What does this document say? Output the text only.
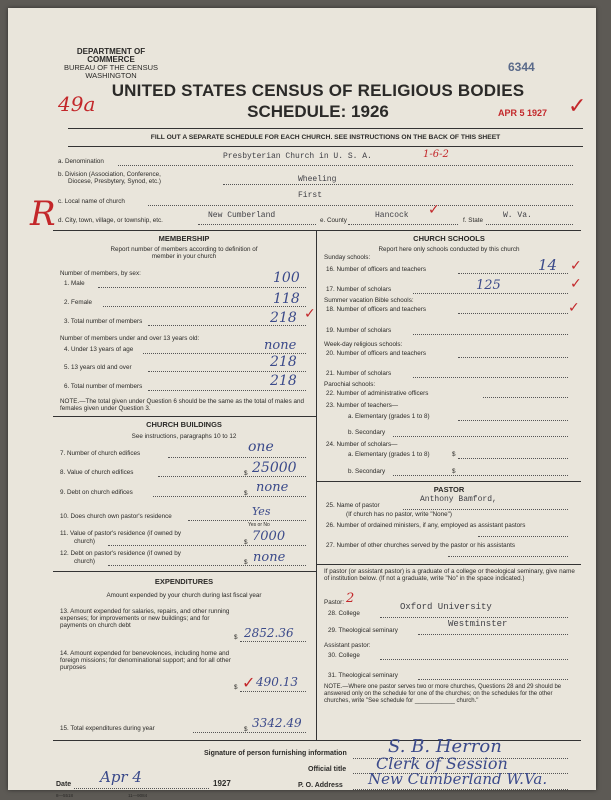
DEPARTMENT OF COMMERCE
BUREAU OF THE CENSUS
WASHINGTON
6344
49a
UNITED STATES CENSUS OF RELIGIOUS BODIES
SCHEDULE: 1926	APR 5 1927 ✓
FILL OUT A SEPARATE SCHEDULE FOR EACH CHURCH. SEE INSTRUCTIONS ON THE BACK OF THIS SHEET
a. Denomination
Presbyterian Church in U. S. A.	1-6-2
b. Division (Association, Conference,
Diocese, Presbytery, Synod, etc.)	Wheeling
R c. Local name of church
First
d. City, town, village, or township, etc.
New Cumberland
e. County
Hancock ✓
f. State
W. Va.
MEMBERSHIP
Report number of members according to definition of
member in your church
Number of members, by sex:
1. Male	100
2. Female	118
3. Total number of members	218 ✓
Number of members under and over 13 years old:
4. Under 13 years of age	none
5. 13 years old and over	218
6. Total number of members	218
NOTE.—The total given under Question 6 should be the same as the total of males and females given under Question 3.
CHURCH BUILDINGS
See instructions, paragraphs 10 to 12
7. Number of church edifices	one
8. Value of church edifices	$ 25000
9. Debt on church edifices	$ none
10. Does church own pastor's residence	Yes
Yes or No
11. Value of pastor's residence (if owned by
church)	$ 7000
12. Debt on pastor's residence (if owned by
church)	$ none
EXPENDITURES
Amount expended by your church during last fiscal year
13. Amount expended for salaries, repairs, and other running expenses; for improvements or new buildings; and for payments on church debt
$ 2852.36
14. Amount expended for benevolences, including home and foreign missions; for denominational support; and for all other purposes
$ 490.13
✓
15. Total expenditures during year	$ 3342.49
CHURCH SCHOOLS
Report here only schools conducted by this church
Sunday schools:
16. Number of officers and teachers	14 ✓
17. Number of scholars	125	✓
Summer vacation Bible schools:
18. Number of officers and teachers	✓
19. Number of scholars
Week-day religious schools:
20. Number of officers and teachers
21. Number of scholars
Parochial schools:
22. Number of administrative officers
23. Number of teachers—
a. Elementary (grades 1 to 8)
b. Secondary
24. Number of scholars—
a. Elementary (grades 1 to 8)	$
b. Secondary	$
PASTOR
25. Name of pastor
Anthony Bamford,
(If church has no pastor, write "None")
26. Number of ordained ministers, if any, employed as assistant pastors
27. Number of other churches served by the pastor or his assistants
If pastor (or assistant pastor) is a graduate of a college or theological seminary, give name of institution below. (If not a graduate, write "No" in the space indicated.)
Pastor: 2
28. College
Oxford University
29. Theological seminary
Westminster
Assistant pastor:
30. College
31. Theological seminary
NOTE.—Where one pastor serves two or more churches, Questions 28 and 29 should be answered only on the schedule for one of the churches; on the schedules for the other churches, write "See schedule for ____________ church."
Signature of person furnishing information S. B. Herron
Official title Clerk of Session
Date Apr 4	1927
8—5518	11—9084
P. O. Address New Cumberland W.Va.
